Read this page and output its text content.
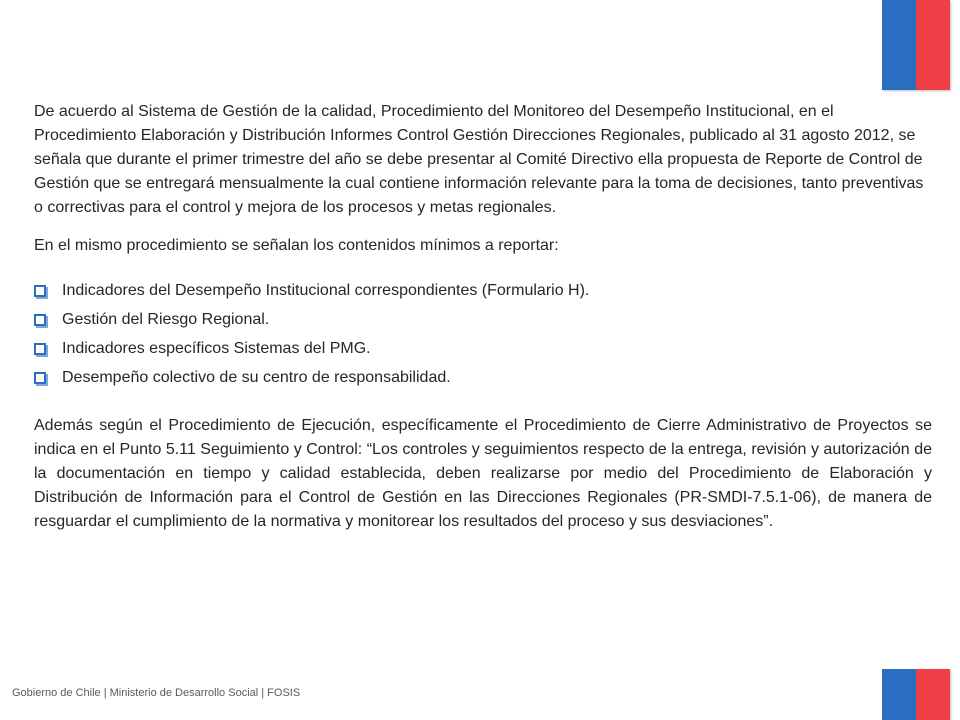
De acuerdo al Sistema de Gestión de la calidad, Procedimiento del Monitoreo del Desempeño Institucional, en el Procedimiento Elaboración y Distribución Informes Control Gestión Direcciones Regionales, publicado al 31 agosto 2012, se señala que durante el primer trimestre del año se debe presentar al Comité Directivo ella propuesta de Reporte de Control de Gestión que se entregará mensualmente la cual contiene información relevante para la toma de decisiones, tanto preventivas o correctivas para el control y mejora de los procesos y metas regionales.

En el mismo procedimiento se señalan los contenidos mínimos a reportar:

Indicadores del Desempeño Institucional correspondientes (Formulario H).
Gestión del Riesgo Regional.
Indicadores específicos Sistemas del PMG.
Desempeño colectivo de su centro de responsabilidad.

Además según el Procedimiento de Ejecución, específicamente el Procedimiento de Cierre Administrativo de Proyectos se indica en el Punto 5.11 Seguimiento y Control: “Los controles y seguimientos respecto de la entrega, revisión y autorización de la documentación en tiempo y calidad establecida, deben realizarse por medio del Procedimiento de Elaboración y Distribución de Información para el Control de Gestión en las Direcciones Regionales (PR-SMDI-7.5.1-06), de manera de resguardar el cumplimiento de la normativa y monitorear los resultados del proceso y sus desviaciones”.

Gobierno de Chile | Ministerio de Desarrollo Social | FOSIS
